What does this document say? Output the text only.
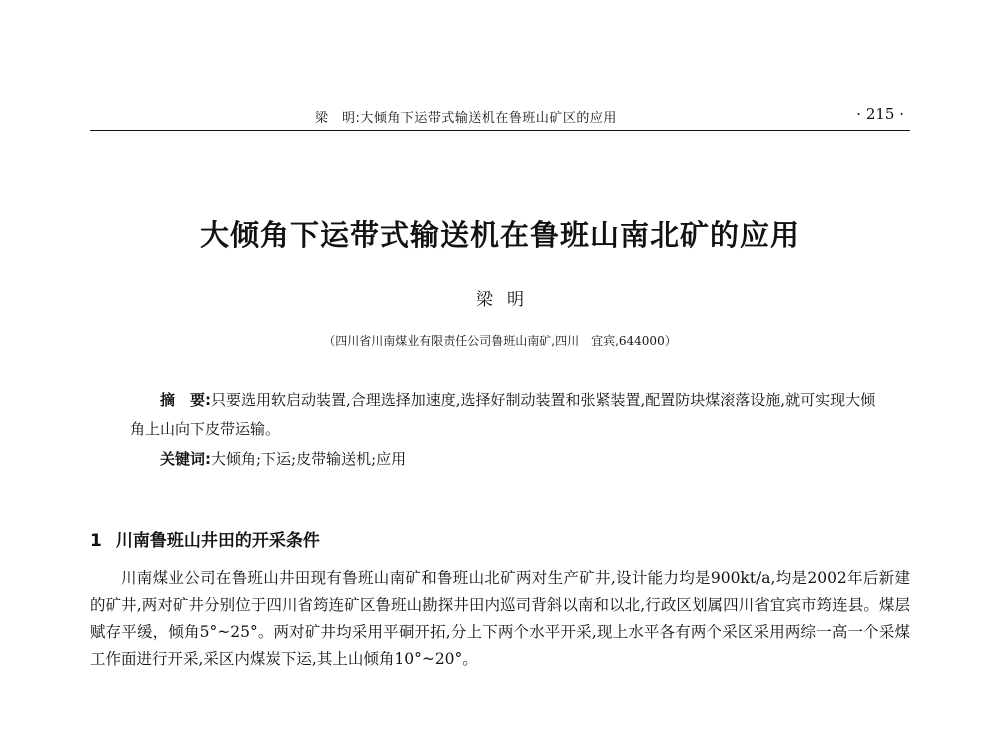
梁　明:大倾角下运带式输送机在鲁班山矿区的应用	· 215 ·
大倾角下运带式输送机在鲁班山南北矿的应用
梁明
（四川省川南煤业有限责任公司鲁班山南矿,四川　宜宾,644000）

摘　要:只要选用软启动装置,合理选择加速度,选择好制动装置和张紧装置,配置防块煤滚落设施,就可实现大倾角上山向下皮带运输。

关键词:大倾角;下运;皮带输送机;应用
1 川南鲁班山井田的开采条件

川南煤业公司在鲁班山井田现有鲁班山南矿和鲁班山北矿两对生产矿井,设计能力均是900kt/a,均是2002年后新建的矿井,两对矿井分别位于四川省筠连矿区鲁班山勘探井田内巡司背斜以南和以北,行政区划属四川省宜宾市筠连县。煤层赋存平缓，倾角5°~25°。两对矿井均采用平硐开拓,分上下两个水平开采,现上水平各有两个采区采用两综一高一个采煤工作面进行开采,采区内煤炭下运,其上山倾角10°~20°。
